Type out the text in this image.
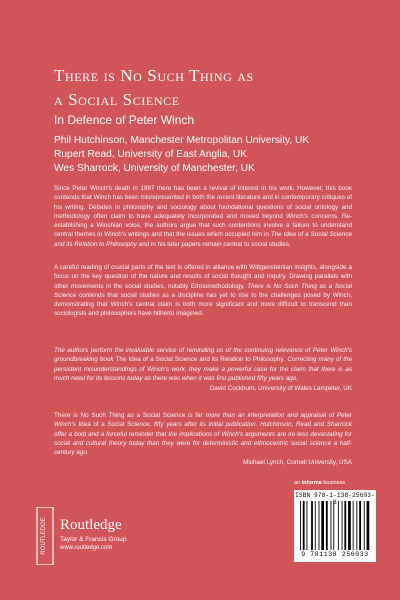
There is No Such Thing as
a Social Science
In Defence of Peter Winch
Phil Hutchinson, Manchester Metropolitan University, UK
Rupert Read, University of East Anglia, UK
Wes Sharrock, University of Manchester, UK

Since Peter Winch's death in 1997 there has been a revival of interest in his work. However, this book contends that Winch has been misrepresented in both the recent literature and in contemporary critiques of his writing. Debates in philosophy and sociology about foundational questions of social ontology and methodology often claim to have adequately incorporated and moved beyond Winch's concerns. Re-establishing a Winchian voice, the authors argue that such contentions involve a failure to understand central themes in Winch's writings and that the issues which occupied him in The Idea of a Social Science and its Relation to Philosophy and in his later papers remain central to social studies.

A careful reading of crucial parts of the text is offered in alliance with Wittgensteinian insights, alongside a focus on the key question of the nature and results of social thought and inquiry. Drawing parallels with other movements in the social studies, notably Ethnomethodology, There is No Such Thing as a Social Science contends that social studies as a discipline has yet to rise to the challenges posed by Winch, demonstrating that Winch's central claim is both more significant and more difficult to transcend than sociologists and philosophers have hitherto imagined.

The authors perform the invaluable service of reminding us of the continuing relevance of Peter Winch's groundbreaking book The Idea of a Social Science and its Relation to Philosophy. Correcting many of the persistent misunderstandings of Winch's work, they make a powerful case for the claim that there is as much need for its lessons today as there was when it was first published fifty years ago.

David Cockburn, University of Wales Lampeter, UK

There is No Such Thing as a Social Science is far more than an interpretation and appraisal of Peter Winch's Idea of a Social Science, fifty years after its initial publication. Hutchinson, Read and Sharrock offer a bold and a forceful reminder that the implications of Winch's arguments are no less devastating for social and cultural theory today than they were for deterministic and ethnocentric social science a half-century ago.

Michael Lynch, Cornell University, USA
ROUTLEDGE Routledge
Taylor & Francis Group
www.routledge.com
an informa business
ISBN 978-1-138-25603-3
9 781138 256033
